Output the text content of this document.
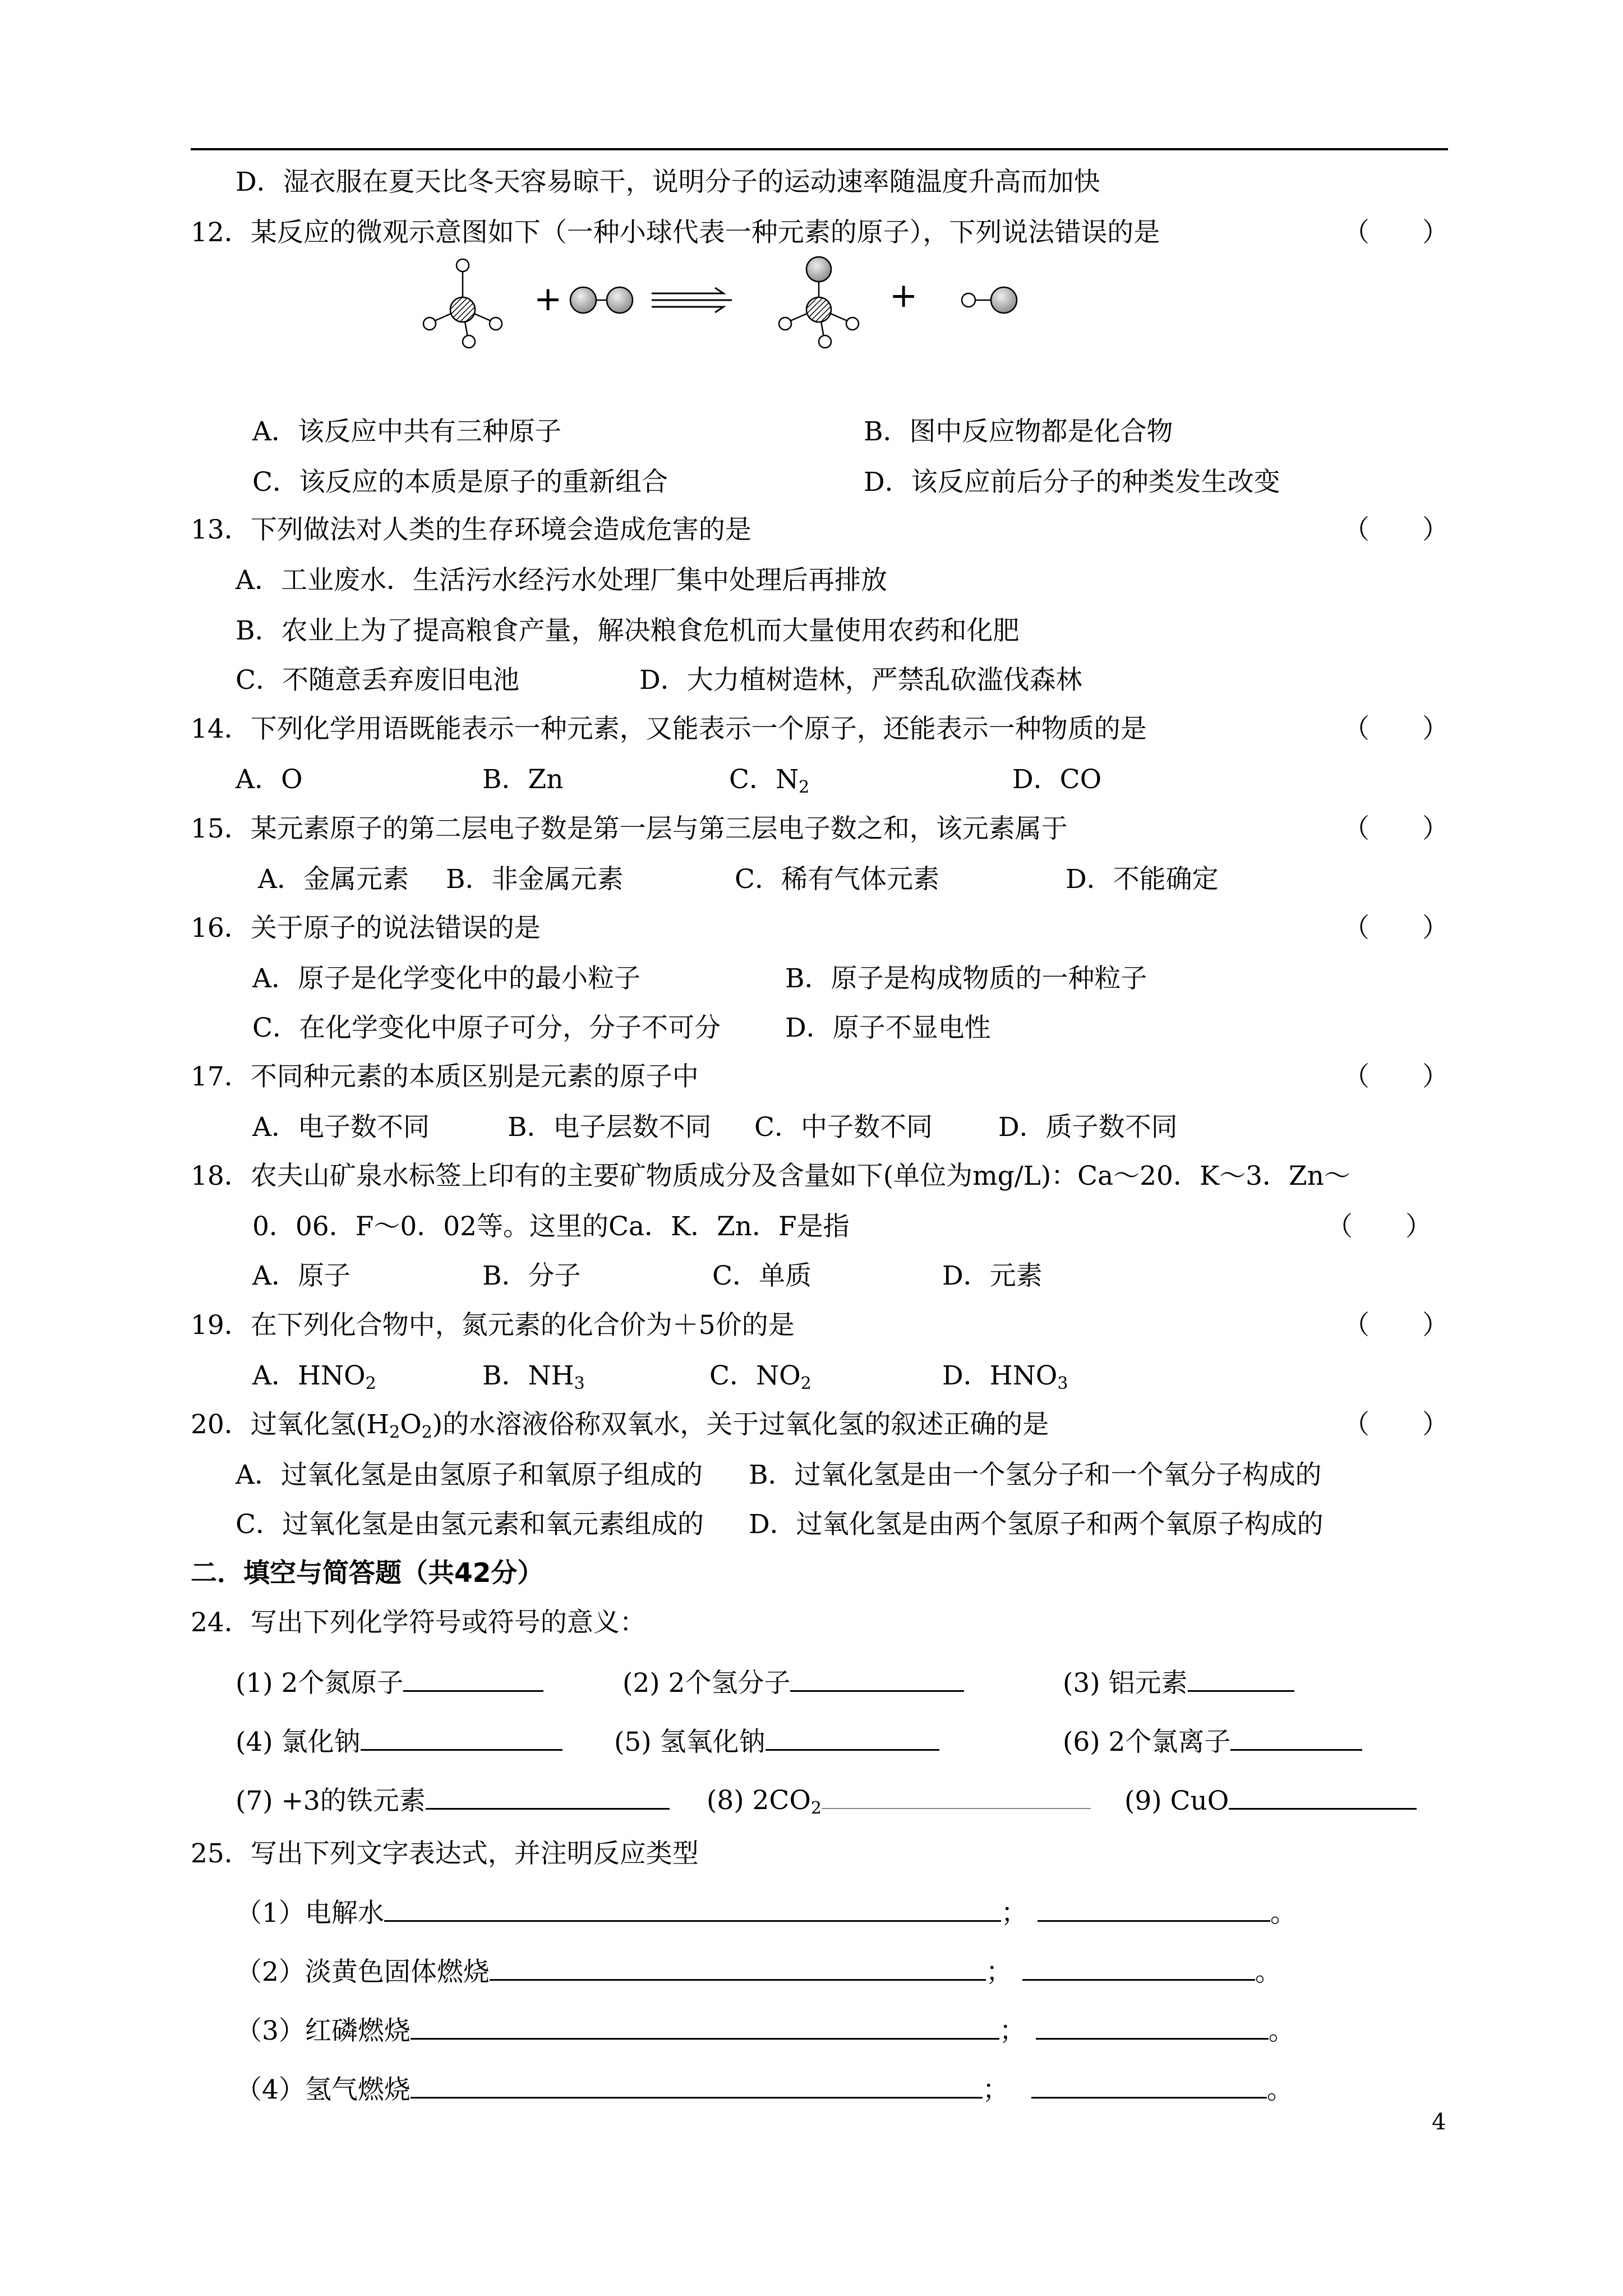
D．湿衣服在夏天比冬天容易晾干，说明分子的运动速率随温度升高而加快
12．某反应的微观示意图如下（一种小球代表一种元素的原子），下列说法错误的是	（　　）
+	+
A．该反应中共有三种原子	B．图中反应物都是化合物
C．该反应的本质是原子的重新组合	D．该反应前后分子的种类发生改变
13．下列做法对人类的生存环境会造成危害的是	（　　）
A．工业废水．生活污水经污水处理厂集中处理后再排放
B．农业上为了提高粮食产量，解决粮食危机而大量使用农药和化肥
C．不随意丢弃废旧电池	D．大力植树造林，严禁乱砍滥伐森林
14．下列化学用语既能表示一种元素，又能表示一个原子，还能表示一种物质的是	（　　）
A．O	B．Zn	C．$N_2$	D．CO
15．某元素原子的第二层电子数是第一层与第三层电子数之和，该元素属于	（　　）
A．金属元素 B．非金属元素	C．稀有气体元素	D．不能确定
16．关于原子的说法错误的是	（　　）
A．原子是化学变化中的最小粒子	B．原子是构成物质的一种粒子
C．在化学变化中原子可分，分子不可分 D．原子不显电性
17．不同种元素的本质区别是元素的原子中	（　　）
A．电子数不同	B．电子层数不同 C．中子数不同 D．质子数不同
18．农夫山矿泉水标签上印有的主要矿物质成分及含量如下(单位为mg/L)：Ca～20．K～3．Zn～
0．06．F～0．02等。这里的Ca．K．Zn．F是指	（　　）
A．原子	B．分子	C．单质	D．元素
19．在下列化合物中，氮元素的化合价为＋5价的是	（　　）
A．$HNO_2$	B．$NH_3$	C．$NO_2$	D．$HNO_3$
20．过氧化氢$(H_2O_2)$的水溶液俗称双氧水，关于过氧化氢的叙述正确的是	（　　）
A．过氧化氢是由氢原子和氧原子组成的 B．过氧化氢是由一个氢分子和一个氧分子构成的
C．过氧化氢是由氢元素和氧元素组成的 D．过氧化氢是由两个氢原子和两个氧原子构成的
二．填空与简答题（共42分）
24．写出下列化学符号或符号的意义：
(1) 2个氮原子	(2) 2个氢分子	(3) 铝元素
(4) 氯化钠	(5) 氢氧化钠	(6) 2个氯离子
(7) +3的铁元素	(8) $2CO_2$	(9) CuO
25．写出下列文字表达式，并注明反应类型
（1）电解水	；	。
（2）淡黄色固体燃烧	；	。
（3）红磷燃烧	；	。
（4）氢气燃烧	；	。
4
